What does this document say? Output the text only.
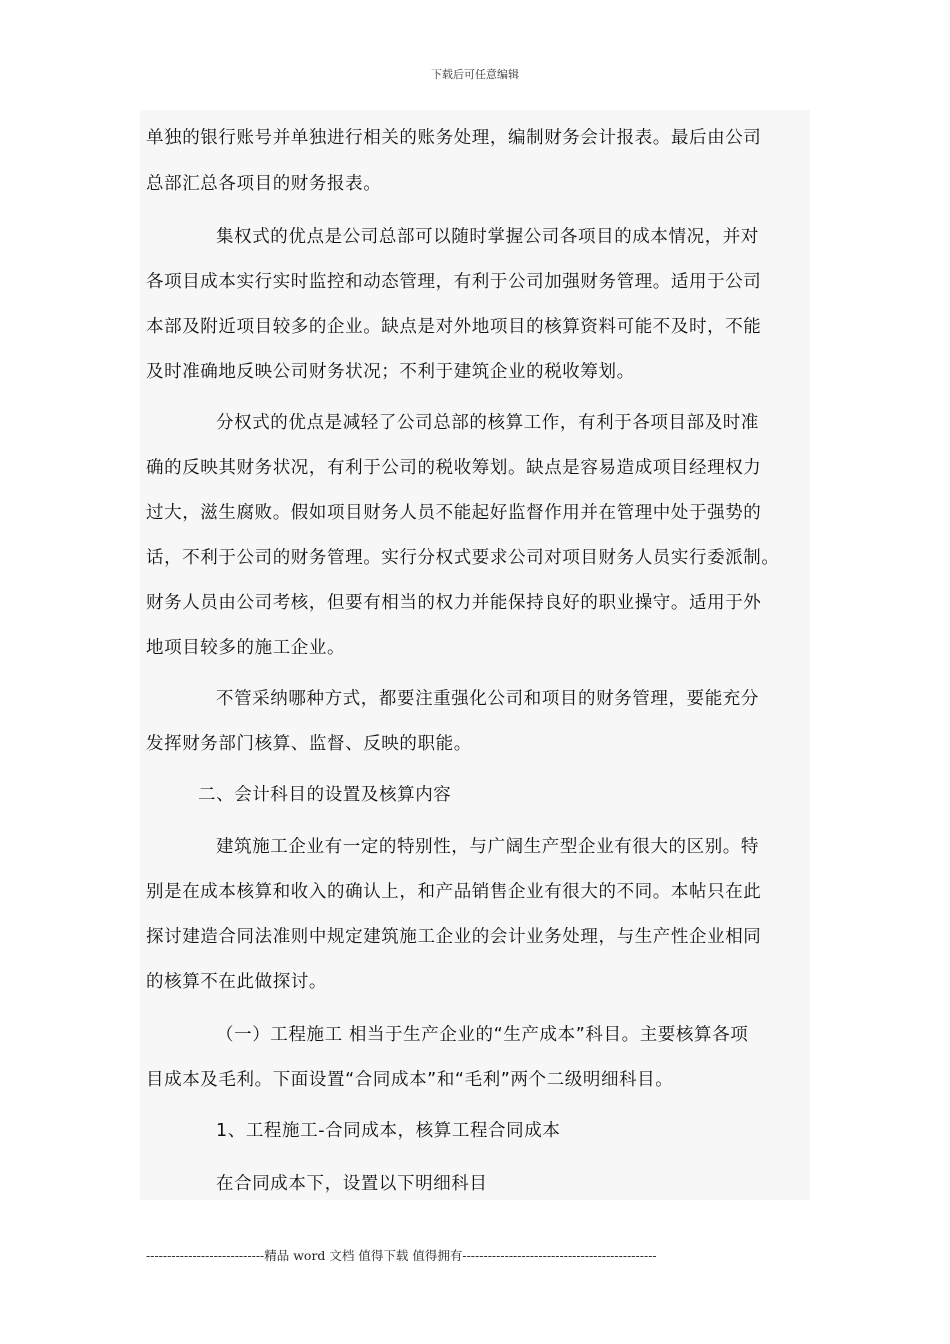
下载后可任意编辑
单独的银行账号并单独进行相关的账务处理，编制财务会计报表。最后由公司
总部汇总各项目的财务报表。
集权式的优点是公司总部可以随时掌握公司各项目的成本情况，并对
各项目成本实行实时监控和动态管理，有利于公司加强财务管理。适用于公司
本部及附近项目较多的企业。缺点是对外地项目的核算资料可能不及时，不能
及时准确地反映公司财务状况；不利于建筑企业的税收筹划。
分权式的优点是减轻了公司总部的核算工作，有利于各项目部及时准
确的反映其财务状况，有利于公司的税收筹划。缺点是容易造成项目经理权力
过大，滋生腐败。假如项目财务人员不能起好监督作用并在管理中处于强势的
话，不利于公司的财务管理。实行分权式要求公司对项目财务人员实行委派制。
财务人员由公司考核，但要有相当的权力并能保持良好的职业操守。适用于外
地项目较多的施工企业。
不管采纳哪种方式，都要注重强化公司和项目的财务管理，要能充分
发挥财务部门核算、监督、反映的职能。
二、会计科目的设置及核算内容
建筑施工企业有一定的特别性，与广阔生产型企业有很大的区别。特
别是在成本核算和收入的确认上，和产品销售企业有很大的不同。本帖只在此
探讨建造合同法准则中规定建筑施工企业的会计业务处理，与生产性企业相同
的核算不在此做探讨。
（一）工程施工 相当于生产企业的“生产成本”科目。主要核算各项
目成本及毛利。下面设置“合同成本”和“毛利”两个二级明细科目。
1、工程施工-合同成本，核算工程合同成本
在合同成本下，设置以下明细科目
----------------------------精品 word 文档 值得下载 值得拥有----------------------------------------------
